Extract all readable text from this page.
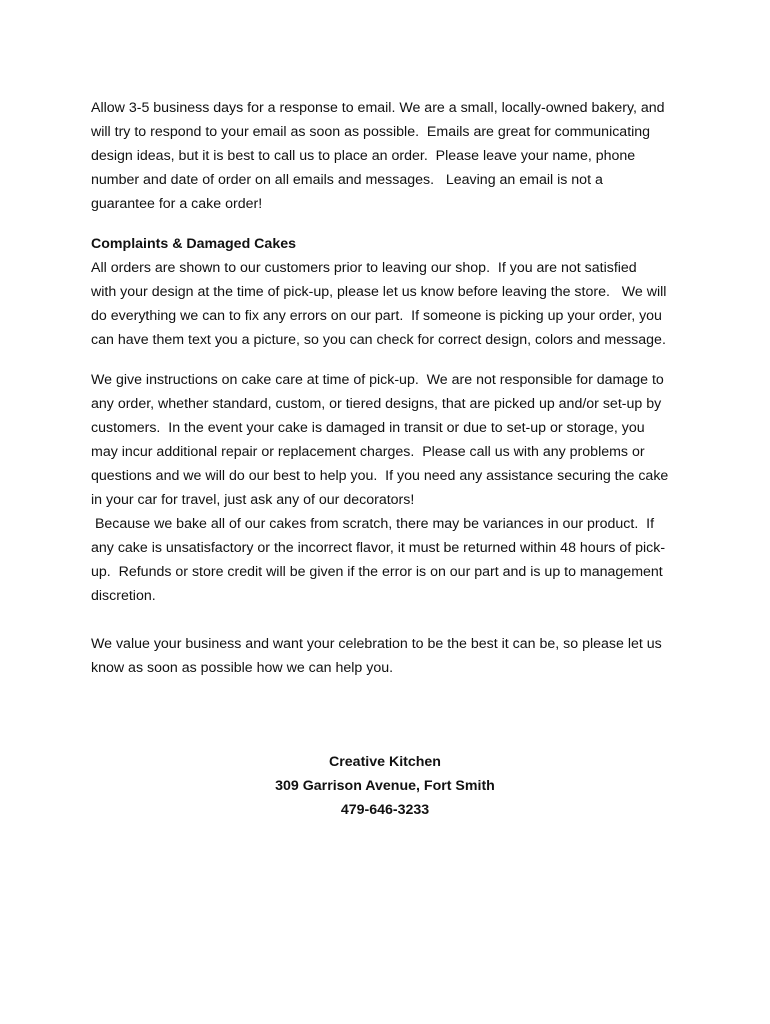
Allow 3-5 business days for a response to email. We are a small, locally-owned bakery, and
will try to respond to your email as soon as possible.  Emails are great for communicating
design ideas, but it is best to call us to place an order.  Please leave your name, phone
number and date of order on all emails and messages.   Leaving an email is not a
guarantee for a cake order!

Complaints & Damaged Cakes
All orders are shown to our customers prior to leaving our shop.  If you are not satisfied
with your design at the time of pick-up, please let us know before leaving the store.   We will
do everything we can to fix any errors on our part.  If someone is picking up your order, you
can have them text you a picture, so you can check for correct design, colors and message.

We give instructions on cake care at time of pick-up.  We are not responsible for damage to
any order, whether standard, custom, or tiered designs, that are picked up and/or set-up by
customers.  In the event your cake is damaged in transit or due to set-up or storage, you
may incur additional repair or replacement charges.  Please call us with any problems or
questions and we will do our best to help you.  If you need any assistance securing the cake
in your car for travel, just ask any of our decorators!
Because we bake all of our cakes from scratch, there may be variances in our product.  If
any cake is unsatisfactory or the incorrect flavor, it must be returned within 48 hours of pick-
up.  Refunds or store credit will be given if the error is on our part and is up to management
discretion.

We value your business and want your celebration to be the best it can be, so please let us
know as soon as possible how we can help you.

Creative Kitchen
309 Garrison Avenue, Fort Smith
479-646-3233
